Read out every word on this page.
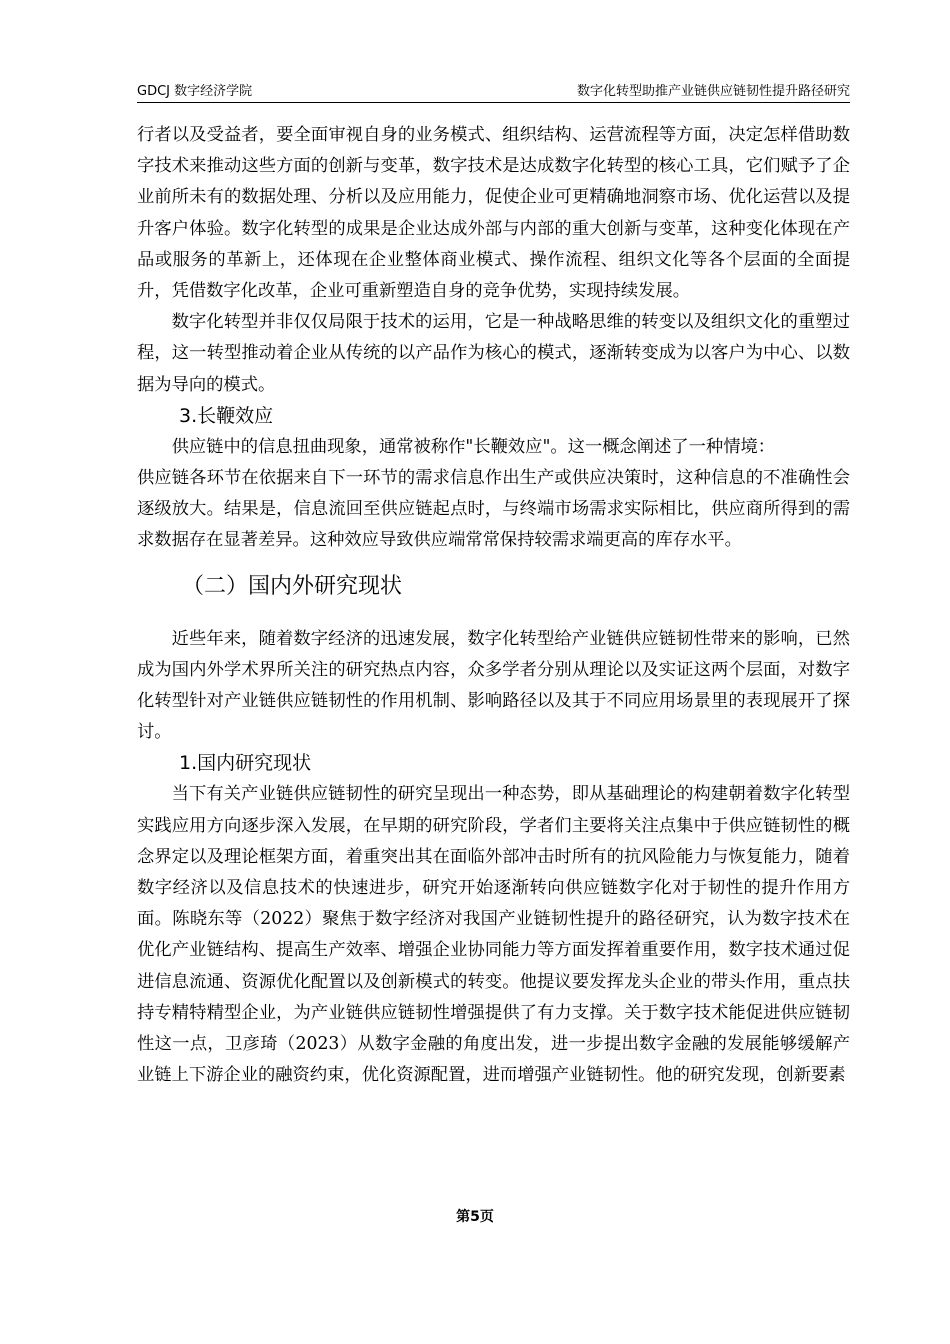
GDCJ 数字经济学院	数字化转型助推产业链供应链韧性提升路径研究

行者以及受益者，要全面审视自身的业务模式、组织结构、运营流程等方面，决定怎样借助数字技术来推动这些方面的创新与变革，数字技术是达成数字化转型的核心工具，它们赋予了企业前所未有的数据处理、分析以及应用能力，促使企业可更精确地洞察市场、优化运营以及提升客户体验。数字化转型的成果是企业达成外部与内部的重大创新与变革，这种变化体现在产品或服务的革新上，还体现在企业整体商业模式、操作流程、组织文化等各个层面的全面提升，凭借数字化改革，企业可重新塑造自身的竞争优势，实现持续发展。

数字化转型并非仅仅局限于技术的运用，它是一种战略思维的转变以及组织文化的重塑过程，这一转型推动着企业从传统的以产品作为核心的模式，逐渐转变成为以客户为中心、以数据为导向的模式。

3.长鞭效应

供应链中的信息扭曲现象，通常被称作"长鞭效应"。这一概念阐述了一种情境：

供应链各环节在依据来自下一环节的需求信息作出生产或供应决策时，这种信息的不准确性会逐级放大。结果是，信息流回至供应链起点时，与终端市场需求实际相比，供应商所得到的需求数据存在显著差异。这种效应导致供应端常常保持较需求端更高的库存水平。

（二）国内外研究现状

近些年来，随着数字经济的迅速发展，数字化转型给产业链供应链韧性带来的影响，已然成为国内外学术界所关注的研究热点内容，众多学者分别从理论以及实证这两个层面，对数字化转型针对产业链供应链韧性的作用机制、影响路径以及其于不同应用场景里的表现展开了探讨。

1.国内研究现状

当下有关产业链供应链韧性的研究呈现出一种态势，即从基础理论的构建朝着数字化转型实践应用方向逐步深入发展，在早期的研究阶段，学者们主要将关注点集中于供应链韧性的概念界定以及理论框架方面，着重突出其在面临外部冲击时所有的抗风险能力与恢复能力，随着数字经济以及信息技术的快速进步，研究开始逐渐转向供应链数字化对于韧性的提升作用方面。陈晓东等（2022）聚焦于数字经济对我国产业链韧性提升的路径研究，认为数字技术在优化产业链结构、提高生产效率、增强企业协同能力等方面发挥着重要作用，数字技术通过促进信息流通、资源优化配置以及创新模式的转变。他提议要发挥龙头企业的带头作用，重点扶持专精特精型企业，为产业链供应链韧性增强提供了有力支撑。关于数字技术能促进供应链韧性这一点，卫彦琦（2023）从数字金融的角度出发，进一步提出数字金融的发展能够缓解产业链上下游企业的融资约束，优化资源配置，进而增强产业链韧性。他的研究发现，创新要素

第5页
